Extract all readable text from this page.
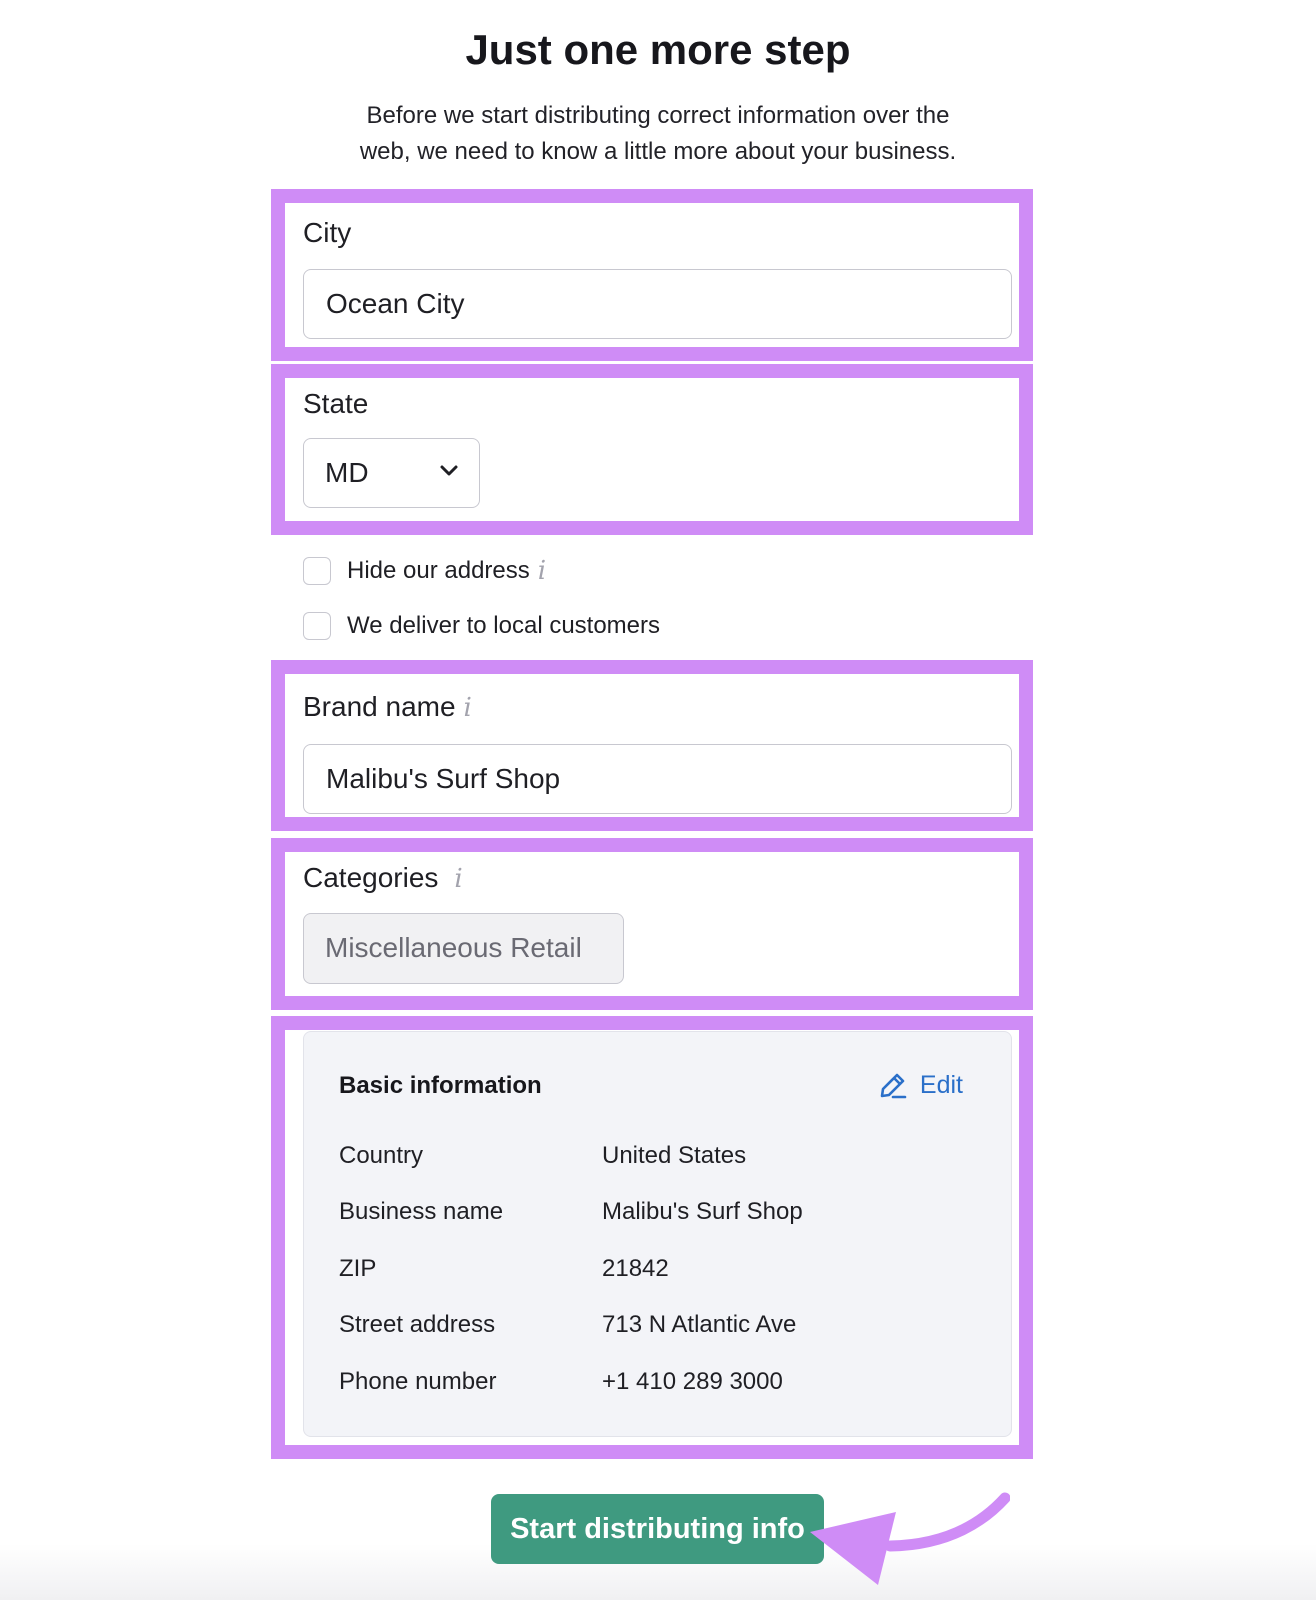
Just one more step

Before we start distributing correct information over the
web, we need to know a little more about your business.

City
Ocean City
State
MD
Hide our address i
We deliver to local customers
Brand name i
Malibu's Surf Shop
Categories i
Miscellaneous Retail
Basic information	Edit
Country	United States
Business name	Malibu's Surf Shop
ZIP	21842
Street address	713 N Atlantic Ave
Phone number	+1 410 289 3000
Start distributing info
